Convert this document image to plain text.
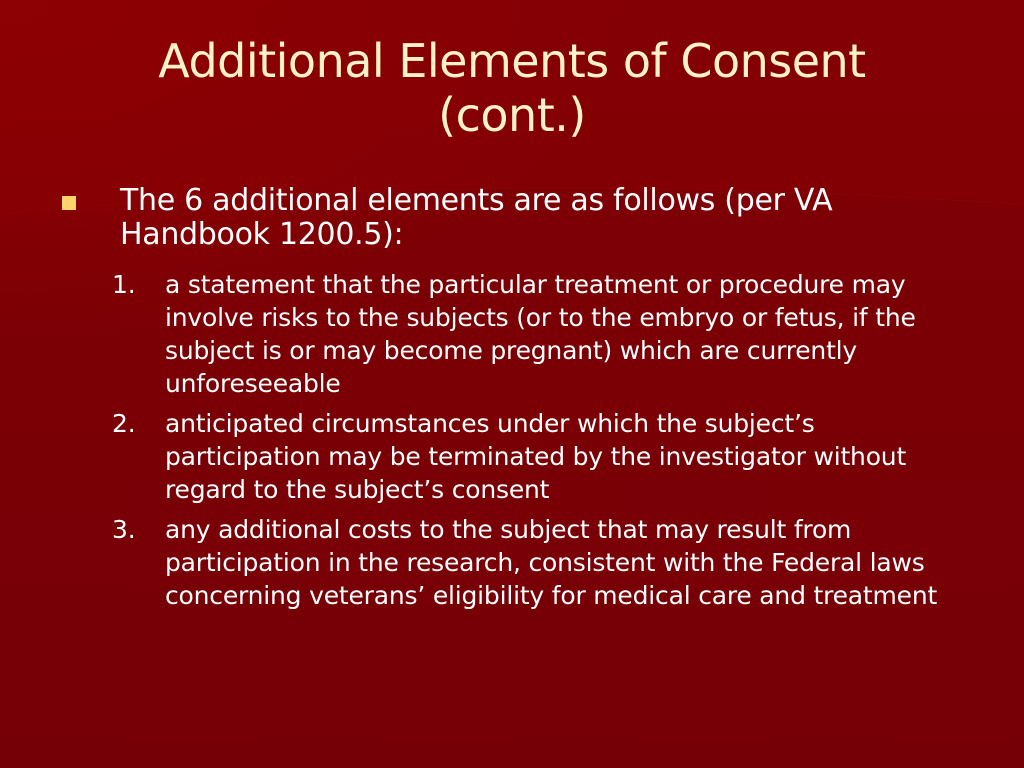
Additional Elements of Consent
(cont.)
The 6 additional elements are as follows (per VA Handbook 1200.5):
1. a statement that the particular treatment or procedure may involve risks to the subjects (or to the embryo or fetus, if the subject is or may become pregnant) which are currently unforeseeable
2. anticipated circumstances under which the subject’s participation may be terminated by the investigator without regard to the subject’s consent
3. any additional costs to the subject that may result from participation in the research, consistent with the Federal laws concerning veterans’ eligibility for medical care and treatment
